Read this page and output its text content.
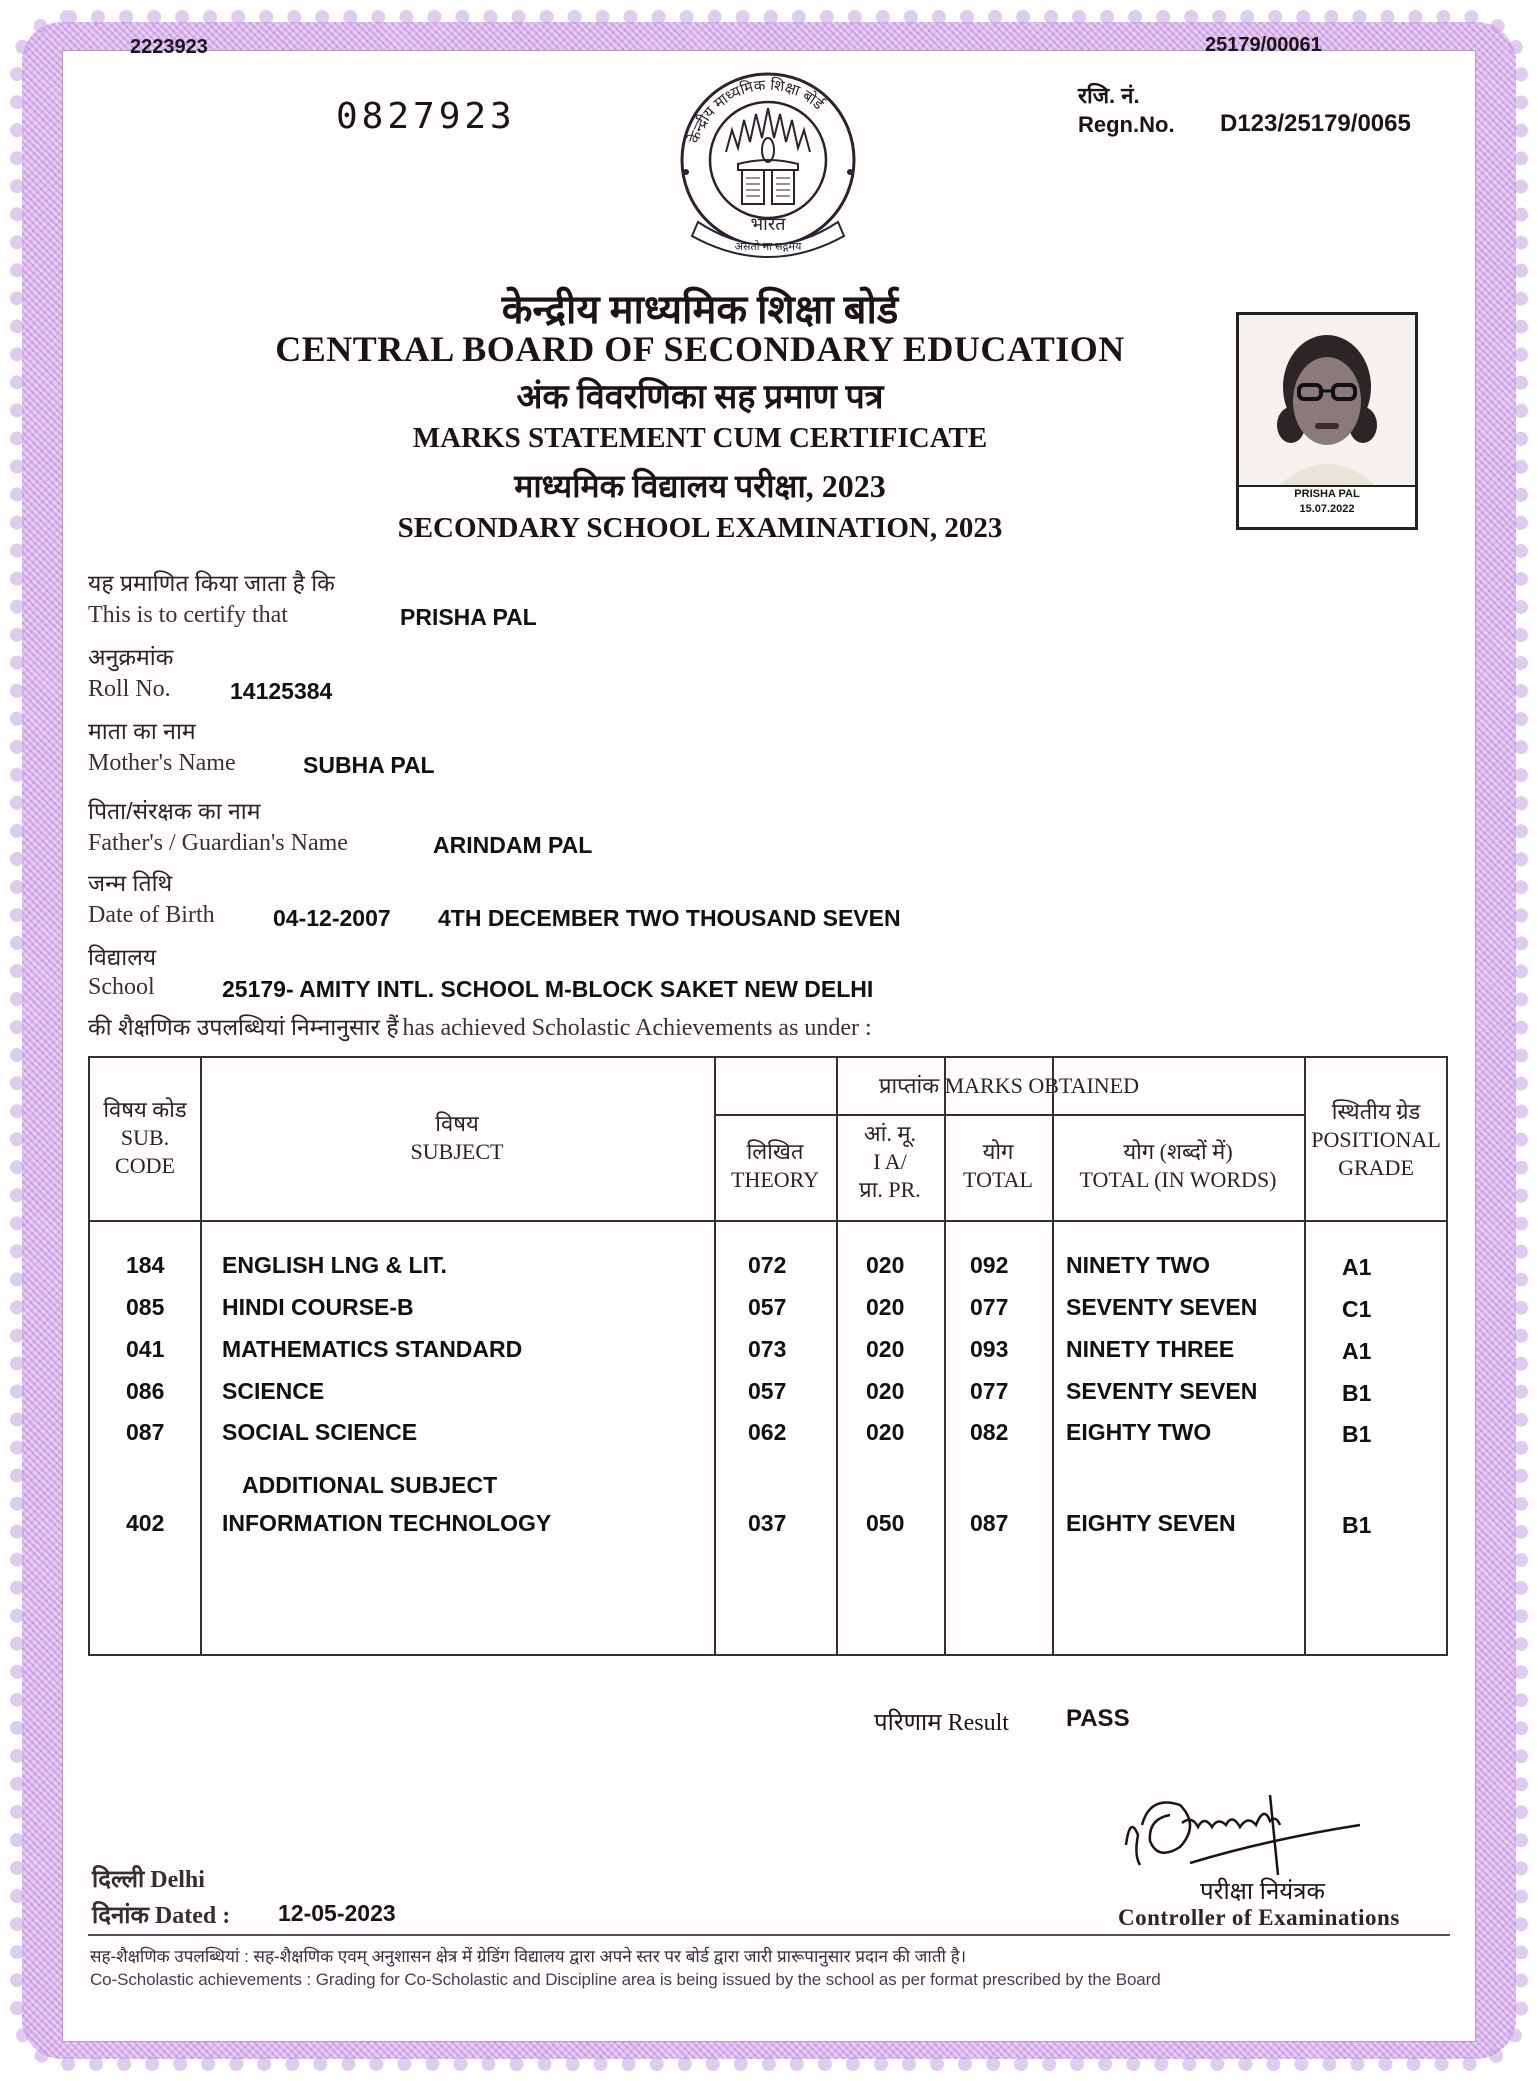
2223923	25179/00061
0827923
रजि. नं.
Regn.No. D123/25179/0065
भारत
असतो मा सद्गमय
केन्द्रीय माध्यमिक शिक्षा बोर्ड
केन्द्रीय माध्यमिक शिक्षा बोर्ड
CENTRAL BOARD OF SECONDARY EDUCATION
अंक विवरणिका सह प्रमाण पत्र
MARKS STATEMENT CUM CERTIFICATE
माध्यमिक विद्यालय परीक्षा, 2023
SECONDARY SCHOOL EXAMINATION, 2023
PRISHA PAL
15.07.2022
यह प्रमाणित किया जाता है कि
This is to certify that	PRISHA PAL
अनुक्रमांक
Roll No.	14125384
माता का नाम
Mother's Name	SUBHA PAL
पिता/संरक्षक का नाम
Father's / Guardian's Name	ARINDAM PAL
जन्म तिथि
Date of Birth	04-12-2007 4TH DECEMBER TWO THOUSAND SEVEN
विद्यालय
School	25179- AMITY INTL. SCHOOL M-BLOCK SAKET NEW DELHI
की शैक्षणिक उपलब्धियां निम्नानुसार हैं has achieved Scholastic Achievements as under :
विषय कोड
SUB.
CODE
विषय
SUBJECT
प्राप्तांक MARKS OBTAINED
लिखित
THEORY
आं. मू.
I A/
प्रा. PR.
योग
TOTAL
योग (शब्दों में)
TOTAL (IN WORDS)
स्थितीय ग्रेड
POSITIONAL
GRADE
184	ENGLISH LNG & LIT.	072	020	092	NINETY TWO	A1
085	HINDI COURSE-B	057	020	077	SEVENTY SEVEN	C1
041	MATHEMATICS STANDARD	073	020	093	NINETY THREE	A1
086	SCIENCE	057	020	077	SEVENTY SEVEN	B1
087	SOCIAL SCIENCE	062	020	082	EIGHTY TWO	B1
ADDITIONAL SUBJECT
402	INFORMATION TECHNOLOGY	037	050	087	EIGHTY SEVEN	B1
परिणाम Result PASS
परीक्षा नियंत्रक
Controller of Examinations
दिल्ली Delhi
दिनांक Dated : 12-05-2023
सह-शैक्षणिक उपलब्धियां : सह-शैक्षणिक एवम् अनुशासन क्षेत्र में ग्रेडिंग विद्यालय द्वारा अपने स्तर पर बोर्ड द्वारा जारी प्रारूपानुसार प्रदान की जाती है।
Co-Scholastic achievements : Grading for Co-Scholastic and Discipline area is being issued by the school as per format prescribed by the Board
